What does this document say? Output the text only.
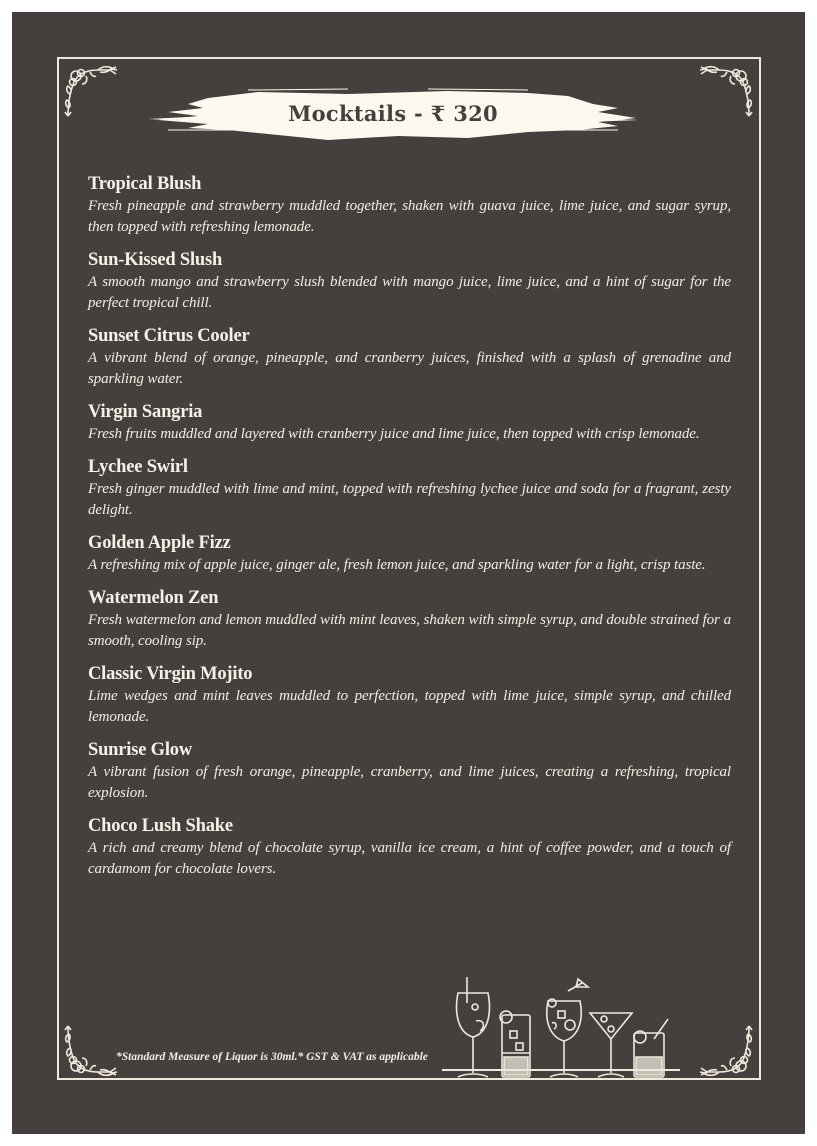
Mocktails - ₹ 320
Tropical Blush
Fresh pineapple and strawberry muddled together, shaken with guava juice, lime juice, and sugar syrup, then topped with refreshing lemonade.
Sun-Kissed Slush
A smooth mango and strawberry slush blended with mango juice, lime juice, and a hint of sugar for the perfect tropical chill.
Sunset Citrus Cooler
A vibrant blend of orange, pineapple, and cranberry juices, finished with a splash of grenadine and sparkling water.
Virgin Sangria
Fresh fruits muddled and layered with cranberry juice and lime juice, then topped with crisp lemonade.
Lychee Swirl
Fresh ginger muddled with lime and mint, topped with refreshing lychee juice and soda for a fragrant, zesty delight.
Golden Apple Fizz
A refreshing mix of apple juice, ginger ale, fresh lemon juice, and sparkling water for a light, crisp taste.
Watermelon Zen
Fresh watermelon and lemon muddled with mint leaves, shaken with simple syrup, and double strained for a smooth, cooling sip.
Classic Virgin Mojito
Lime wedges and mint leaves muddled to perfection, topped with lime juice, simple syrup, and chilled lemonade.
Sunrise Glow
A vibrant fusion of fresh orange, pineapple, cranberry, and lime juices, creating a refreshing, tropical explosion.
Choco Lush Shake
A rich and creamy blend of chocolate syrup, vanilla ice cream, a hint of coffee powder, and a touch of cardamom for chocolate lovers.
*Standard Measure of Liquor is 30ml.* GST & VAT as applicable
